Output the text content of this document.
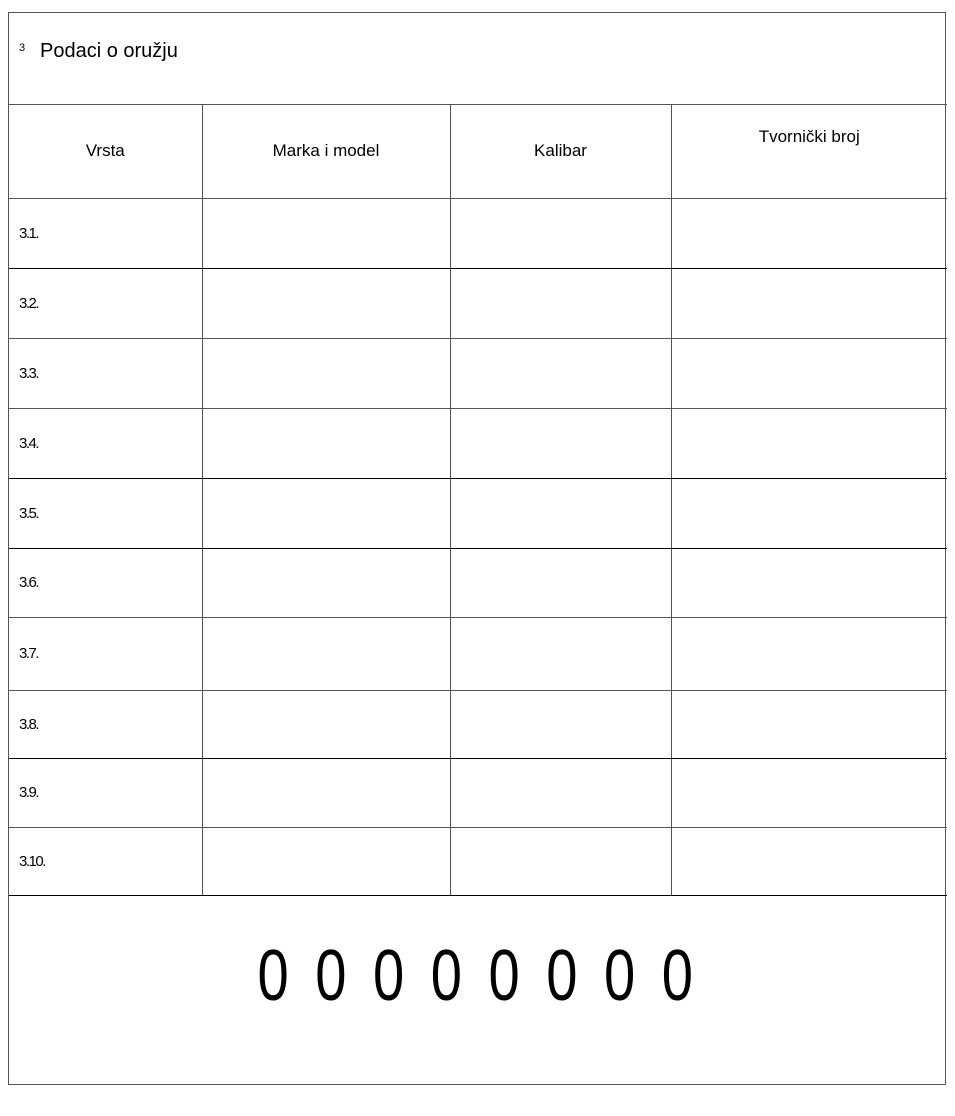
3 Podaci o oružju
Vrsta	Marka i model	Kalibar	Tvornički broj
3.1.			
3.2.			
3.3.			
3.4.			
3.5.			
3.6.			
3.7.			
3.8.			
3.9.			
3.10.			
0 0 0 0 0 0 0 0
